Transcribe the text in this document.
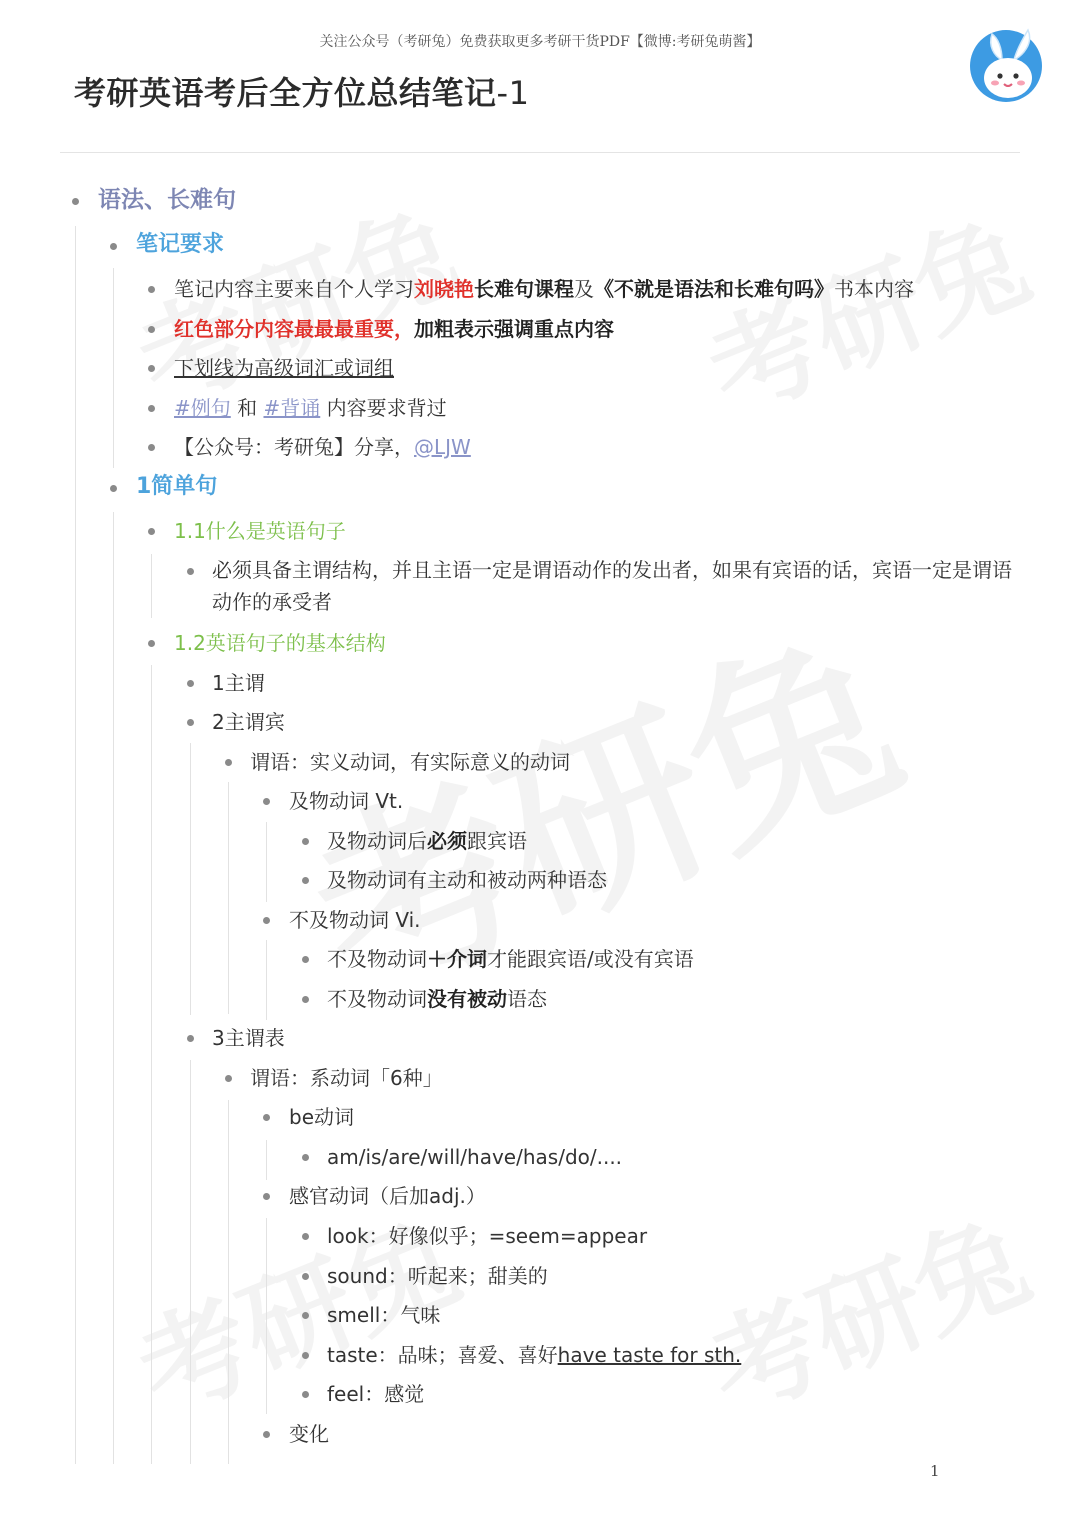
关注公众号（考研兔）免费获取更多考研干货PDF【微博:考研兔萌酱】
考研英语考后全方位总结笔记-1
语法、长难句
笔记要求
笔记内容主要来自个人学习刘晓艳长难句课程及《不就是语法和长难句吗》书本内容
红色部分内容最最最重要，加粗表示强调重点内容
下划线为高级词汇或词组
#例句 和 #背诵 内容要求背过
【公众号：考研兔】分享，@LJW
1简单句
1.1什么是英语句子
必须具备主谓结构，并且主语一定是谓语动作的发出者，如果有宾语的话，宾语一定是谓语动作的承受者
1.2英语句子的基本结构
1主谓
2主谓宾
谓语：实义动词，有实际意义的动词
及物动词 Vt.
及物动词后必须跟宾语
及物动词有主动和被动两种语态
不及物动词 Vi.
不及物动词＋介词才能跟宾语/或没有宾语
不及物动词没有被动语态
3主谓表
谓语：系动词「6种」
be动词
am/is/are/will/have/has/do/....
感官动词（后加adj.）
look：好像似乎；=seem=appear
sound：听起来；甜美的
smell：气味
taste：品味；喜爱、喜好have taste for sth.
feel：感觉
变化
1
